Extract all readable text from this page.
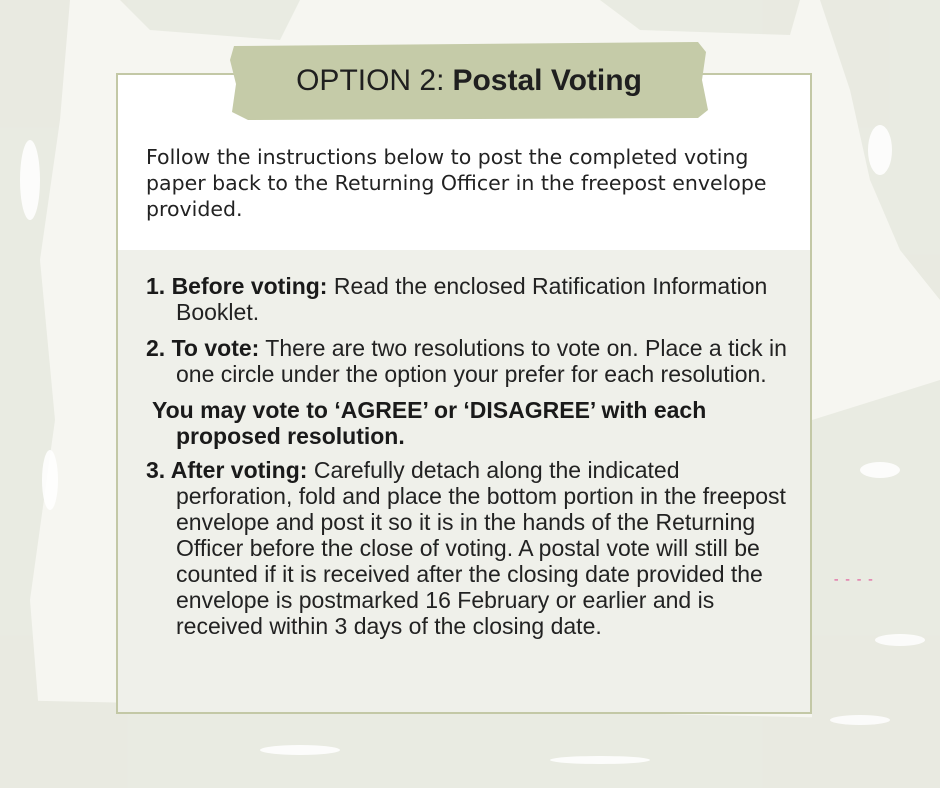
OPTION 2: Postal Voting

Follow the instructions below to post the completed voting paper back to the Returning Officer in the freepost envelope provided.

1. Before voting: Read the enclosed Ratification Information Booklet.

2. To vote: There are two resolutions to vote on. Place a tick in one circle under the option your prefer for each resolution.

You may vote to ‘AGREE’ or ‘DISAGREE’ with each proposed resolution.

3. After voting: Carefully detach along the indicated perforation, fold and place the bottom portion in the freepost envelope and post it so it is in the hands of the Returning Officer before the close of voting. A postal vote will still be counted if it is received after the closing date provided the envelope is postmarked 16 February or earlier and is received within 3 days of the closing date.

----
